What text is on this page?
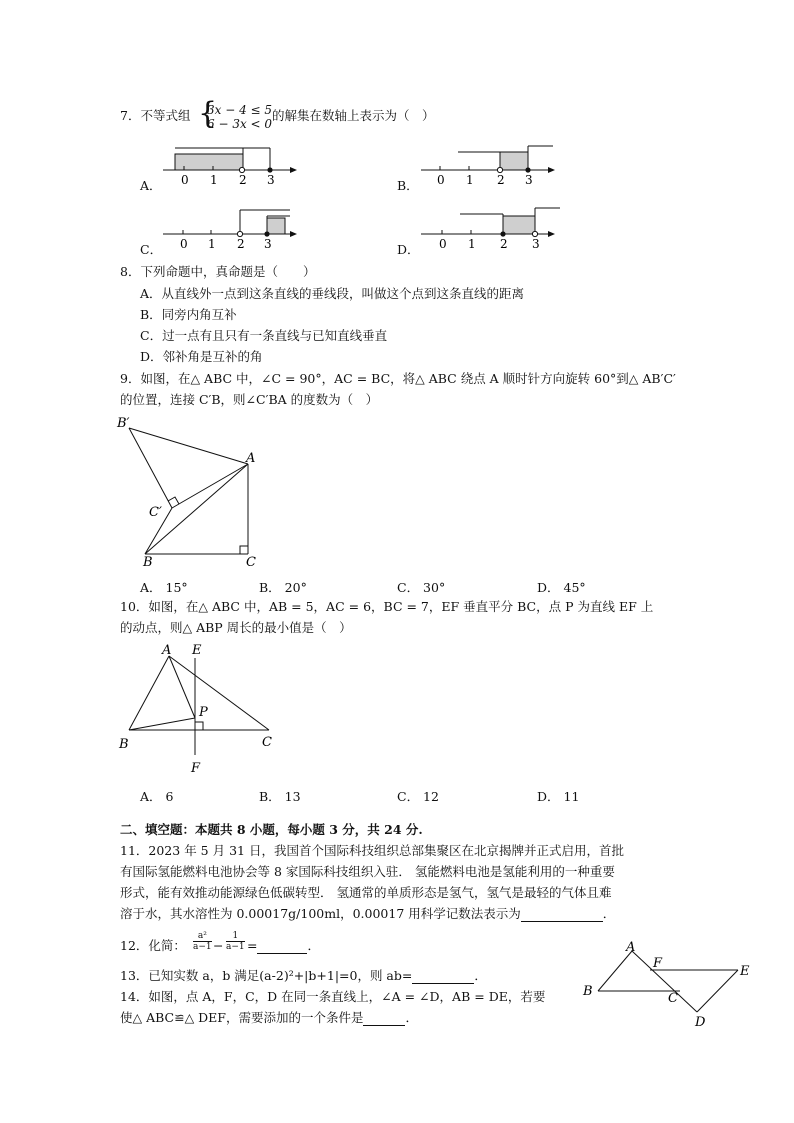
7．不等式组 {
3x − 4 ≤ 5
6 − 3x < 0
的解集在数轴上表示为（　）
A． 0 1 2 3	B． 0 1 2 3
C． 0 1 2 3	D． 0 1 2 3
8．下列命题中，真命题是（　　）
A．从直线外一点到这条直线的垂线段，叫做这个点到这条直线的距离
B．同旁内角互补
C．过一点有且只有一条直线与已知直线垂直
D．邻补角是互补的角
9．如图，在△ ABC 中，∠C = 90°，AC = BC，将△ ABC 绕点 A 顺时针方向旋转 60°到△ AB′C′
的位置，连接 C′B，则∠C′BA 的度数为（　）
B′
A
C′
B	C
A． 15°	B． 20°	C． 30°	D． 45°
10．如图，在△ ABC 中，AB = 5，AC = 6，BC = 7，EF 垂直平分 BC，点 P 为直线 EF 上
的动点，则△ ABP 周长的最小值是（　）
A E
P
B	C
F
A． 6	B． 13	C． 12	D． 11
二、填空题：本题共 8 小题，每小题 3 分，共 24 分.
11．2023 年 5 月 31 日，我国首个国际科技组织总部集聚区在北京揭牌并正式启用，首批
有国际氢能燃料电池协会等 8 家国际科技组织入驻． 氢能燃料电池是氢能利用的一种重要
形式，能有效推动能源绿色低碳转型． 氢通常的单质形态是氢气，氢气是最轻的气体且难
溶于水，其水溶性为 0.00017g/100ml，0.00017 用科学记数法表示为	．
12．化简： $\frac{\text{a²}}{a-1} - \frac{1}{a-1}$ =	．
13．已知实数 a，b 满足(a-2)²+|b+1|=0，则 ab=	．
14．如图，点 A，F，C，D 在同一条直线上，∠A = ∠D，AB = DE，若要
使△ ABC≌△ DEF，需要添加的一个条件是	．
A
F
E
B	C
D
